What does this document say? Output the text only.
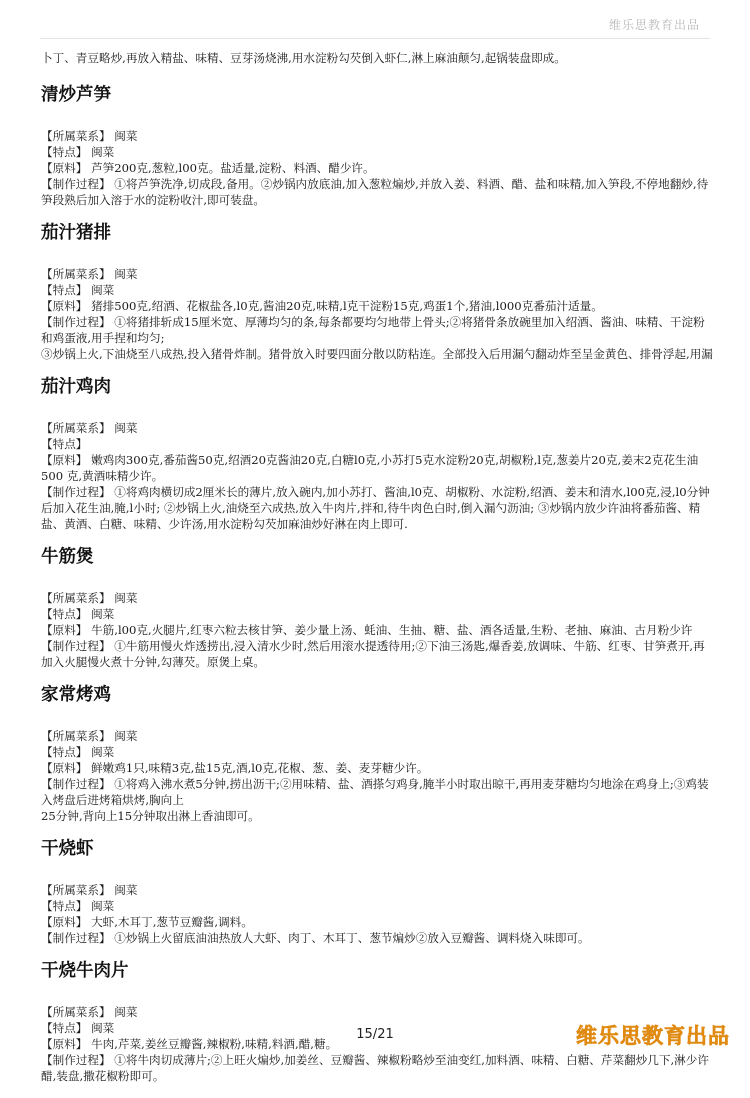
维乐思教育出品

卜丁、青豆略炒,再放入精盐、味精、豆芽汤烧沸,用水淀粉勾芡倒入虾仁,淋上麻油颠匀,起锅装盘即成。

清炒芦笋
【所属菜系】 闽菜
【特点】 闽菜
【原料】 芦笋200克,葱粒,l00克。盐适量,淀粉、料酒、醋少许。
【制作过程】 ①将芦笋洗净,切成段,备用。②炒锅内放底油,加入葱粒煸炒,并放入姜、料酒、醋、盐和味精,加入笋段,不停地翻炒,待笋段熟后加入溶于水的淀粉收汁,即可装盘。
茄汁猪排
【所属菜系】 闽菜
【特点】 闽菜
【原料】 猪排500克,绍酒、花椒盐各,l0克,酱油20克,味精,l克干淀粉15克,鸡蛋1个,猪油,l000克番茄汁适量。
【制作过程】 ①将猪排斩成15厘米宽、厚薄均匀的条,每条都要均匀地带上骨头;②将猪骨条放碗里加入绍酒、酱油、味精、干淀粉和鸡蛋液,用手捏和均匀;
③炒锅上火,下油烧至八成热,投入猪骨炸制。猪骨放入时要四面分散以防粘连。全部投入后用漏勺翻动炸至呈金黄色、排骨浮起,用漏
茄汁鸡肉
【所属菜系】 闽菜
【特点】
【原料】 嫩鸡肉300克,番茄酱50克,绍酒20克酱油20克,白糖l0克,小苏打5克水淀粉20克,胡椒粉,l克,葱姜片20克,姜末2克花生油500 克,黄酒味精少许。
【制作过程】 ①将鸡肉横切成2厘米长的薄片,放入碗内,加小苏打、酱油,l0克、胡椒粉、水淀粉,绍酒、姜末和清水,l00克,浸,l0分钟后加入花生油,腌,l小时; ②炒锅上火,油烧至六成热,放入牛肉片,拌和,待牛肉色白时,倒入漏勺沥油; ③炒锅内放少许油将番茄酱、精盐、黄酒、白糖、味精、少许汤,用水淀粉勾芡加麻油炒好淋在肉上即可.
牛筋煲
【所属菜系】 闽菜
【特点】 闽菜
【原料】 牛筋,l00克,火腿片,红枣六粒去核甘笋、姜少量上汤、蚝油、生抽、糖、盐、酒各适量,生粉、老抽、麻油、古月粉少许
【制作过程】 ①牛筋用慢火炸透捞出,浸入清水少时,然后用滚水提透待用;②下油三汤匙,爆香姜,放调味、牛筋、红枣、甘笋煮开,再加入火腿慢火煮十分钟,勾薄芡。原煲上桌。
家常烤鸡
【所属菜系】 闽菜
【特点】 闽菜
【原料】 鲜嫩鸡1只,味精3克,盐15克,酒,l0克,花椒、葱、姜、麦芽糖少许。
【制作过程】 ①将鸡入沸水煮5分钟,捞出沥干;②用味精、盐、酒搽匀鸡身,腌半小时取出晾干,再用麦芽糖均匀地涂在鸡身上;③鸡装入烤盘后进烤箱烘烤,胸向上
25分钟,背向上15分钟取出淋上香油即可。
干烧虾
【所属菜系】 闽菜
【特点】 闽菜
【原料】 大虾,木耳丁,葱节豆瓣酱,调料。
【制作过程】 ①炒锅上火留底油油热放人大虾、肉丁、木耳丁、葱节煸炒②放入豆瓣酱、调料烧入味即可。
干烧牛肉片
【所属菜系】 闽菜
【特点】 闽菜
【原料】 牛肉,芹菜,姜丝豆瓣酱,辣椒粉,味精,料酒,醋,糖。
【制作过程】 ①将牛肉切成薄片;②上旺火煸炒,加姜丝、豆瓣酱、辣椒粉略炒至油变红,加料酒、味精、白糖、芹菜翻炒几下,淋少许醋,装盘,撒花椒粉即可。
15/21	维乐思教育出品
